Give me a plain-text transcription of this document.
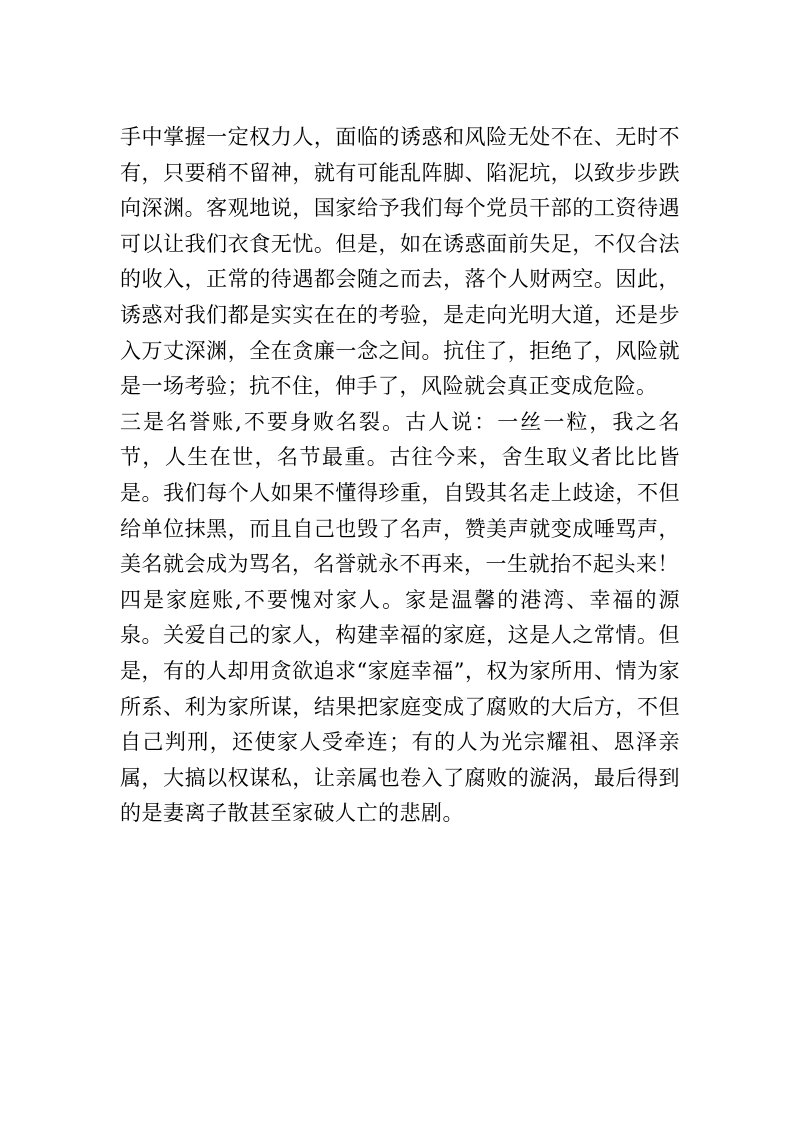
手中掌握一定权力人，面临的诱惑和风险无处不在、无时不有，只要稍不留神，就有可能乱阵脚、陷泥坑，以致步步跌向深渊。客观地说，国家给予我们每个党员干部的工资待遇可以让我们衣食无忧。但是，如在诱惑面前失足，不仅合法的收入，正常的待遇都会随之而去，落个人财两空。因此，诱惑对我们都是实实在在的考验，是走向光明大道，还是步入万丈深渊，全在贪廉一念之间。抗住了，拒绝了，风险就是一场考验；抗不住，伸手了，风险就会真正变成危险。

三是名誉账,不要身败名裂。古人说：一丝一粒，我之名节，人生在世，名节最重。古往今来，舍生取义者比比皆是。我们每个人如果不懂得珍重，自毁其名走上歧途，不但给单位抹黑，而且自己也毁了名声，赞美声就变成唾骂声，美名就会成为骂名，名誉就永不再来，一生就抬不起头来！

四是家庭账,不要愧对家人。家是温馨的港湾、幸福的源泉。关爱自己的家人，构建幸福的家庭，这是人之常情。但是，有的人却用贪欲追求“家庭幸福”，权为家所用、情为家所系、利为家所谋，结果把家庭变成了腐败的大后方，不但自己判刑，还使家人受牵连；有的人为光宗耀祖、恩泽亲属，大搞以权谋私，让亲属也卷入了腐败的漩涡，最后得到的是妻离子散甚至家破人亡的悲剧。
